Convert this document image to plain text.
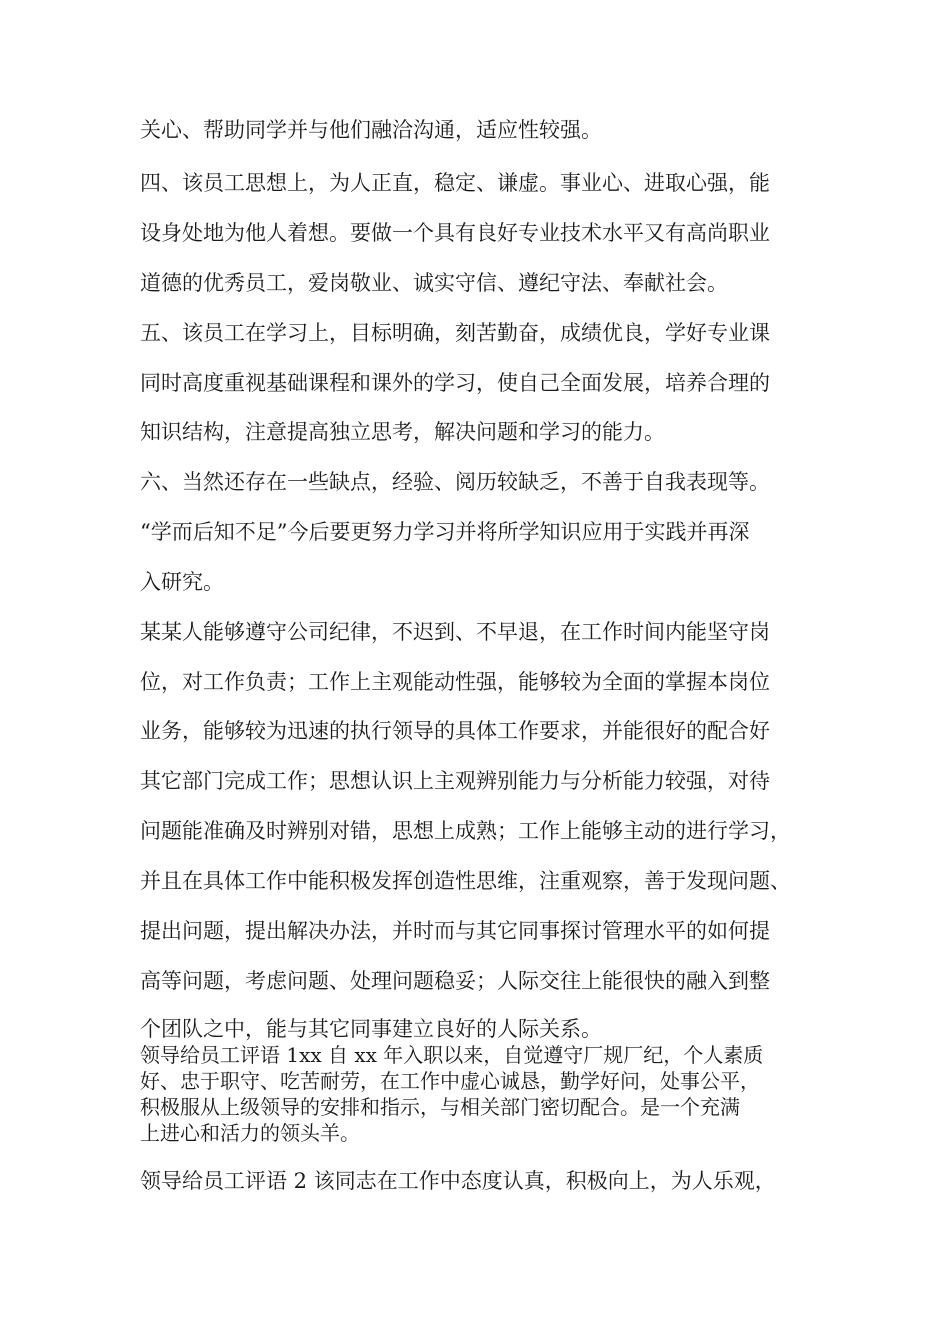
关心、帮助同学并与他们融洽沟通，适应性较强。
四、该员工思想上，为人正直，稳定、谦虚。事业心、进取心强，能
设身处地为他人着想。要做一个具有良好专业技术水平又有高尚职业
道德的优秀员工，爱岗敬业、诚实守信、遵纪守法、奉献社会。
五、该员工在学习上，目标明确，刻苦勤奋，成绩优良，学好专业课
同时高度重视基础课程和课外的学习，使自己全面发展，培养合理的
知识结构，注意提高独立思考，解决问题和学习的能力。
六、当然还存在一些缺点，经验、阅历较缺乏，不善于自我表现等。
“学而后知不足”今后要更努力学习并将所学知识应用于实践并再深
入研究。
某某人能够遵守公司纪律，不迟到、不早退，在工作时间内能坚守岗
位，对工作负责；工作上主观能动性强，能够较为全面的掌握本岗位
业务，能够较为迅速的执行领导的具体工作要求，并能很好的配合好
其它部门完成工作；思想认识上主观辨别能力与分析能力较强，对待
问题能准确及时辨别对错，思想上成熟；工作上能够主动的进行学习，
并且在具体工作中能积极发挥创造性思维，注重观察，善于发现问题、
提出问题，提出解决办法，并时而与其它同事探讨管理水平的如何提
高等问题，考虑问题、处理问题稳妥；人际交往上能很快的融入到整
个团队之中，能与其它同事建立良好的人际关系。
领导给员工评语 1xx 自 xx 年入职以来，自觉遵守厂规厂纪，个人素质
好、忠于职守、吃苦耐劳，在工作中虚心诚恳，勤学好问，处事公平，
积极服从上级领导的安排和指示，与相关部门密切配合。是一个充满
上进心和活力的领头羊。
领导给员工评语 2 该同志在工作中态度认真，积极向上，为人乐观，
